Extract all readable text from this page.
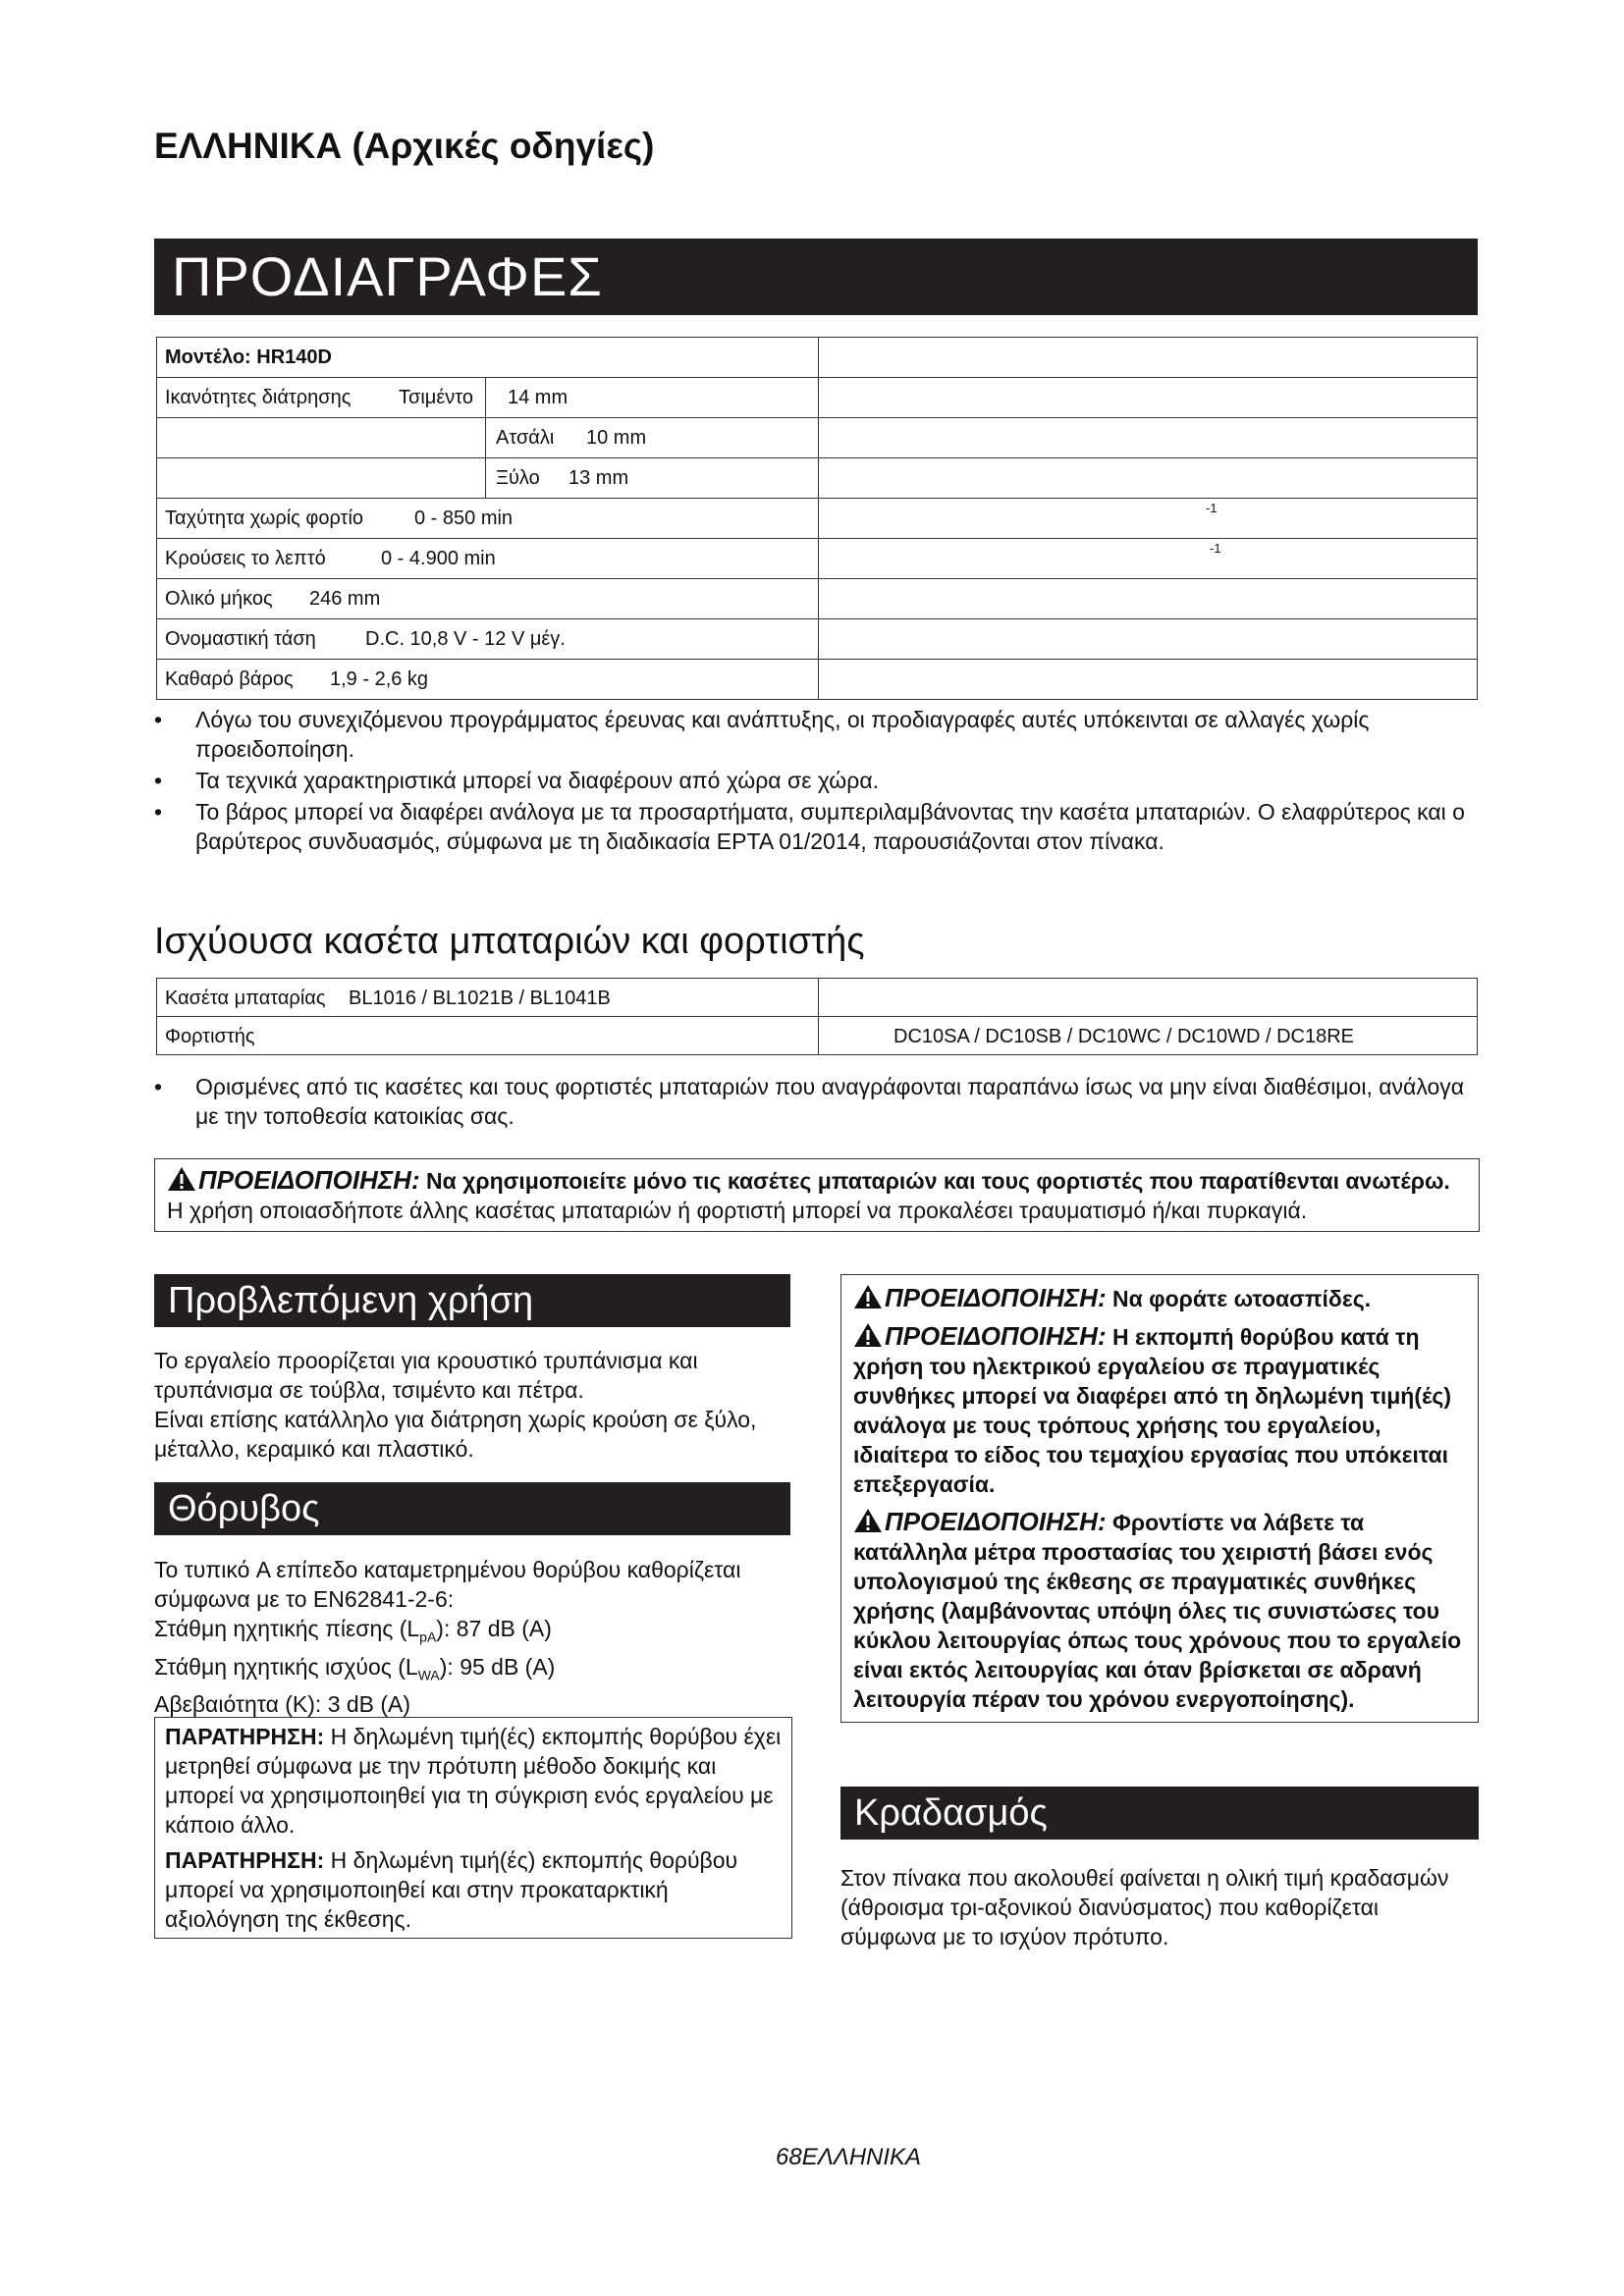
ΕΛΛΗΝΙΚΑ (Αρχικές οδηγίες)
ΠΡΟΔΙΑΓΡΑΦΕΣ
Μοντέλο: HR140D
Ικανότητες διάτρησης Τσιμέντο 14 mm
Ατσάλι 10 mm
Ξύλο 13 mm
Ταχύτητα χωρίς φορτίο	0 - 850 min	-1
Κρούσεις το λεπτό	0 - 4.900 min	-1
Ολικό μήκος 246 mm
Ονομαστική τάση	D.C. 10,8 V - 12 V μέγ.
Καθαρό βάρος 1,9 - 2,6 kg
• Λόγω του συνεχιζόμενου προγράμματος έρευνας και ανάπτυξης, οι προδιαγραφές αυτές υπόκεινται σε αλλαγές χωρίς προειδοποίηση.
• Τα τεχνικά χαρακτηριστικά μπορεί να διαφέρουν από χώρα σε χώρα.
• Το βάρος μπορεί να διαφέρει ανάλογα με τα προσαρτήματα, συμπεριλαμβάνοντας την κασέτα μπαταριών. Ο ελαφρύτερος και ο βαρύτερος συνδυασμός, σύμφωνα με τη διαδικασία EPTA 01/2014, παρουσιάζονται στον πίνακα.
Ισχύουσα κασέτα μπαταριών και φορτιστής
Κασέτα μπαταρίας BL1016 / BL1021B / BL1041B
Φορτιστής	DC10SA / DC10SB / DC10WC / DC10WD / DC18RE
• Ορισμένες από τις κασέτες και τους φορτιστές μπαταριών που αναγράφονται παραπάνω ίσως να μην είναι διαθέσιμοι, ανάλογα με την τοποθεσία κατοικίας σας.
ΠΡΟΕΙΔΟΠΟΙΗΣΗ: Να χρησιμοποιείτε μόνο τις κασέτες μπαταριών και τους φορτιστές που παρατίθενται ανωτέρω. Η χρήση οποιασδήποτε άλλης κασέτας μπαταριών ή φορτιστή μπορεί να προκαλέσει τραυματισμό ή/και πυρκαγιά.
Προβλεπόμενη χρήση
Το εργαλείο προορίζεται για κρουστικό τρυπάνισμα και τρυπάνισμα σε τούβλα, τσιμέντο και πέτρα.
Είναι επίσης κατάλληλο για διάτρηση χωρίς κρούση σε ξύλο, μέταλλο, κεραμικό και πλαστικό.
Θόρυβος
Το τυπικό A επίπεδο καταμετρημένου θορύβου καθορίζεται σύμφωνα με το EN62841-2-6:
Στάθμη ηχητικής πίεσης $(L_{pA})$: 87 dB (A)
Στάθμη ηχητικής ισχύος $(L_{WA})$: 95 dB (A)
Αβεβαιότητα (K): 3 dB (A)
ΠΑΡΑΤΗΡΗΣΗ: Η δηλωμένη τιμή(ές) εκπομπής θορύβου έχει μετρηθεί σύμφωνα με την πρότυπη μέθοδο δοκιμής και μπορεί να χρησιμοποιηθεί για τη σύγκριση ενός εργαλείου με κάποιο άλλο.
ΠΑΡΑΤΗΡΗΣΗ: Η δηλωμένη τιμή(ές) εκπομπής θορύβου μπορεί να χρησιμοποιηθεί και στην προκαταρκτική αξιολόγηση της έκθεσης.
ΠΡΟΕΙΔΟΠΟΙΗΣΗ: Να φοράτε ωτοασπίδες.
ΠΡΟΕΙΔΟΠΟΙΗΣΗ: Η εκπομπή θορύβου κατά τη χρήση του ηλεκτρικού εργαλείου σε πραγματικές συνθήκες μπορεί να διαφέρει από τη δηλωμένη τιμή(ές) ανάλογα με τους τρόπους χρήσης του εργαλείου, ιδιαίτερα το είδος του τεμαχίου εργασίας που υπόκειται επεξεργασία.
ΠΡΟΕΙΔΟΠΟΙΗΣΗ: Φροντίστε να λάβετε τα κατάλληλα μέτρα προστασίας του χειριστή βάσει ενός υπολογισμού της έκθεσης σε πραγματικές συνθήκες χρήσης (λαμβάνοντας υπόψη όλες τις συνιστώσες του κύκλου λειτουργίας όπως τους χρόνους που το εργαλείο είναι εκτός λειτουργίας και όταν βρίσκεται σε αδρανή λειτουργία πέραν του χρόνου ενεργοποίησης).
Κραδασμός
Στον πίνακα που ακολουθεί φαίνεται η ολική τιμή κραδασμών (άθροισμα τρι-αξονικού διανύσματος) που καθορίζεται σύμφωνα με το ισχύον πρότυπο.
68ΕΛΛΗΝΙΚΑ
